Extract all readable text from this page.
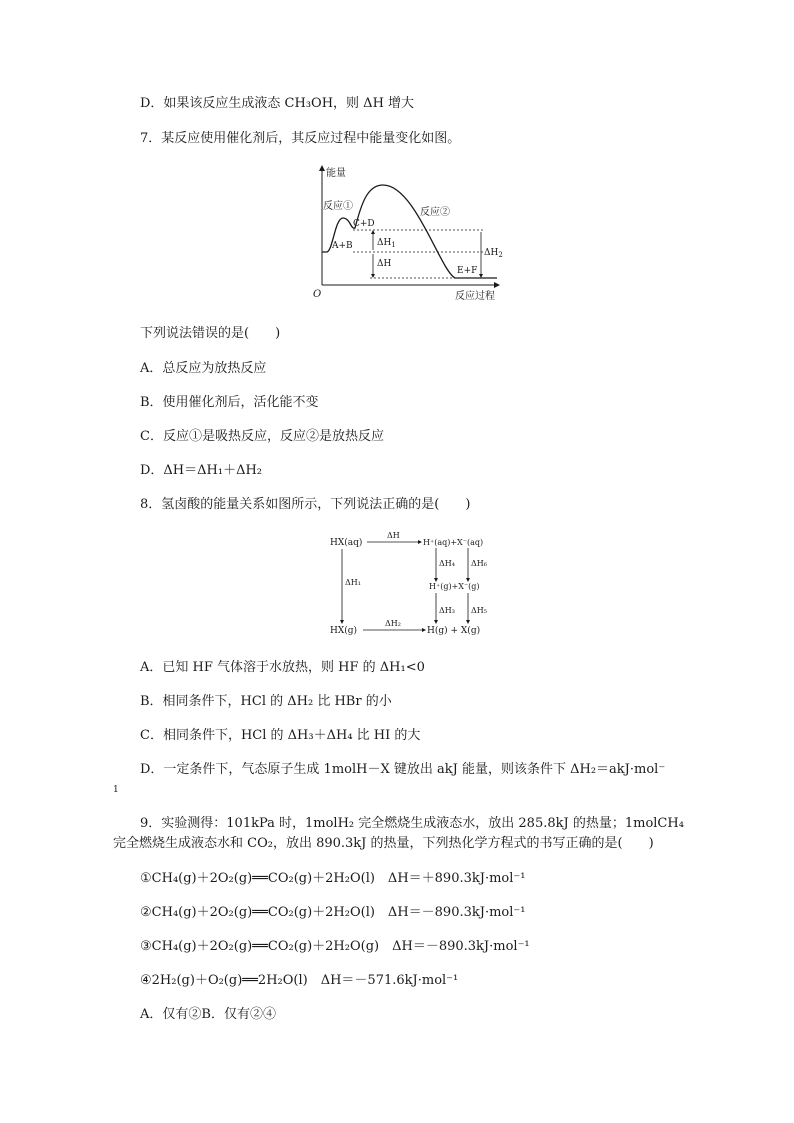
D．如果该反应生成液态 CH₃OH，则 ΔH 增大
7．某反应使用催化剂后，其反应过程中能量变化如图。
能量
反应过程
O
反应①
反应②
C+D
A+B
E+F
$\Delta H_1$
ΔH
$\Delta H_2$
下列说法错误的是(　　)
A．总反应为放热反应
B．使用催化剂后，活化能不变
C．反应①是吸热反应，反应②是放热反应
D．ΔH＝ΔH₁＋ΔH₂
8．氢卤酸的能量关系如图所示，下列说法正确的是(　　)
HX(aq)	H⁺(aq)+X⁻(aq)
H⁺(g)+X⁻(g)
HX(g)	H(g) + X(g)
ΔH
ΔH₂
ΔH₁
ΔH₄ ΔH₆
ΔH₃ ΔH₅
A．已知 HF 气体溶于水放热，则 HF 的 ΔH₁<0
B．相同条件下，HCl 的 ΔH₂ 比 HBr 的小
C．相同条件下，HCl 的 ΔH₃＋ΔH₄ 比 HI 的大
D．一定条件下，气态原子生成 1molH－X 键放出 akJ 能量，则该条件下 ΔH₂＝akJ·mol⁻
1
9．实验测得：101kPa 时，1molH₂ 完全燃烧生成液态水，放出 285.8kJ 的热量；1molCH₄
完全燃烧生成液态水和 CO₂，放出 890.3kJ 的热量，下列热化学方程式的书写正确的是(　　)
①CH₄(g)＋2O₂(g)══CO₂(g)＋2H₂O(l)　ΔH＝＋890.3kJ·mol⁻¹
②CH₄(g)＋2O₂(g)══CO₂(g)＋2H₂O(l)　ΔH＝－890.3kJ·mol⁻¹
③CH₄(g)＋2O₂(g)══CO₂(g)＋2H₂O(g)　ΔH＝－890.3kJ·mol⁻¹
④2H₂(g)＋O₂(g)══2H₂O(l)　ΔH＝－571.6kJ·mol⁻¹
A．仅有②B．仅有②④
